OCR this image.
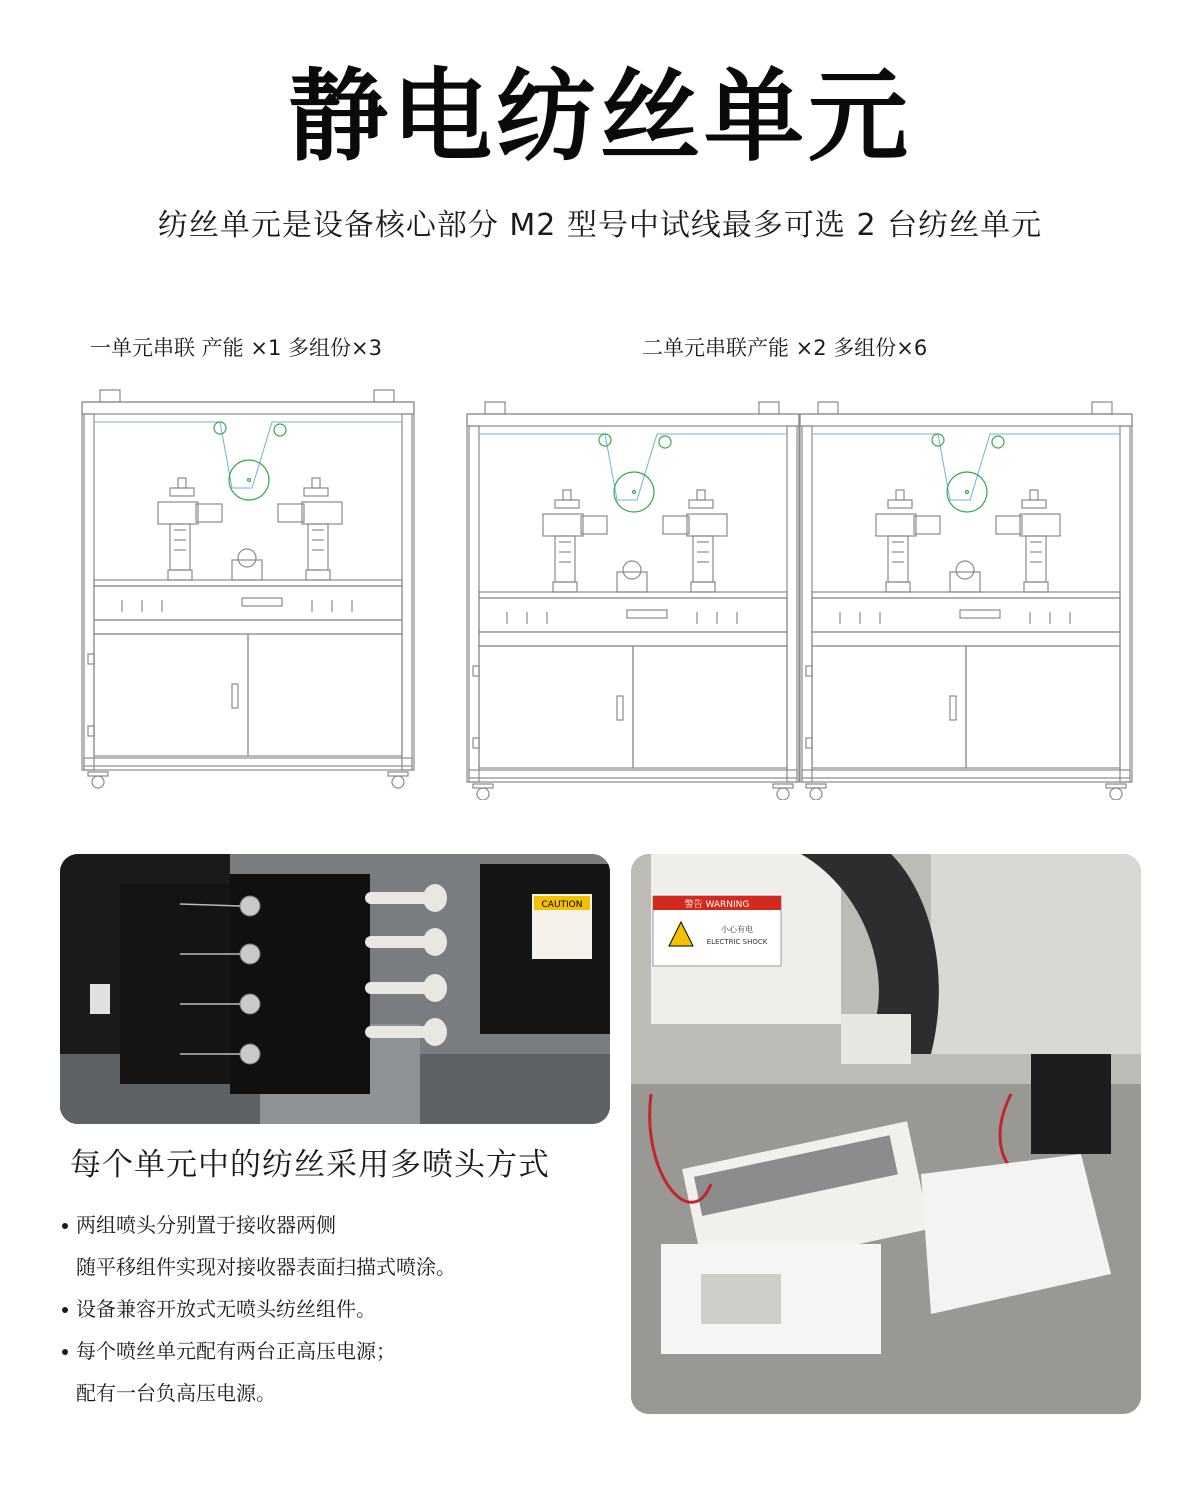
静电纺丝单元
纺丝单元是设备核心部分 M2 型号中试线最多可选 2 台纺丝单元
一单元串联 产能 ×1 多组份×3	二单元串联产能 ×2 多组份×6
CAUTION	警告 WARNING
小心有电
ELECTRIC SHOCK
每个单元中的纺丝采用多喷头方式
两组喷头分别置于接收器两侧
随平移组件实现对接收器表面扫描式喷涂。
设备兼容开放式无喷头纺丝组件。
每个喷丝单元配有两台正高压电源；
配有一台负高压电源。
